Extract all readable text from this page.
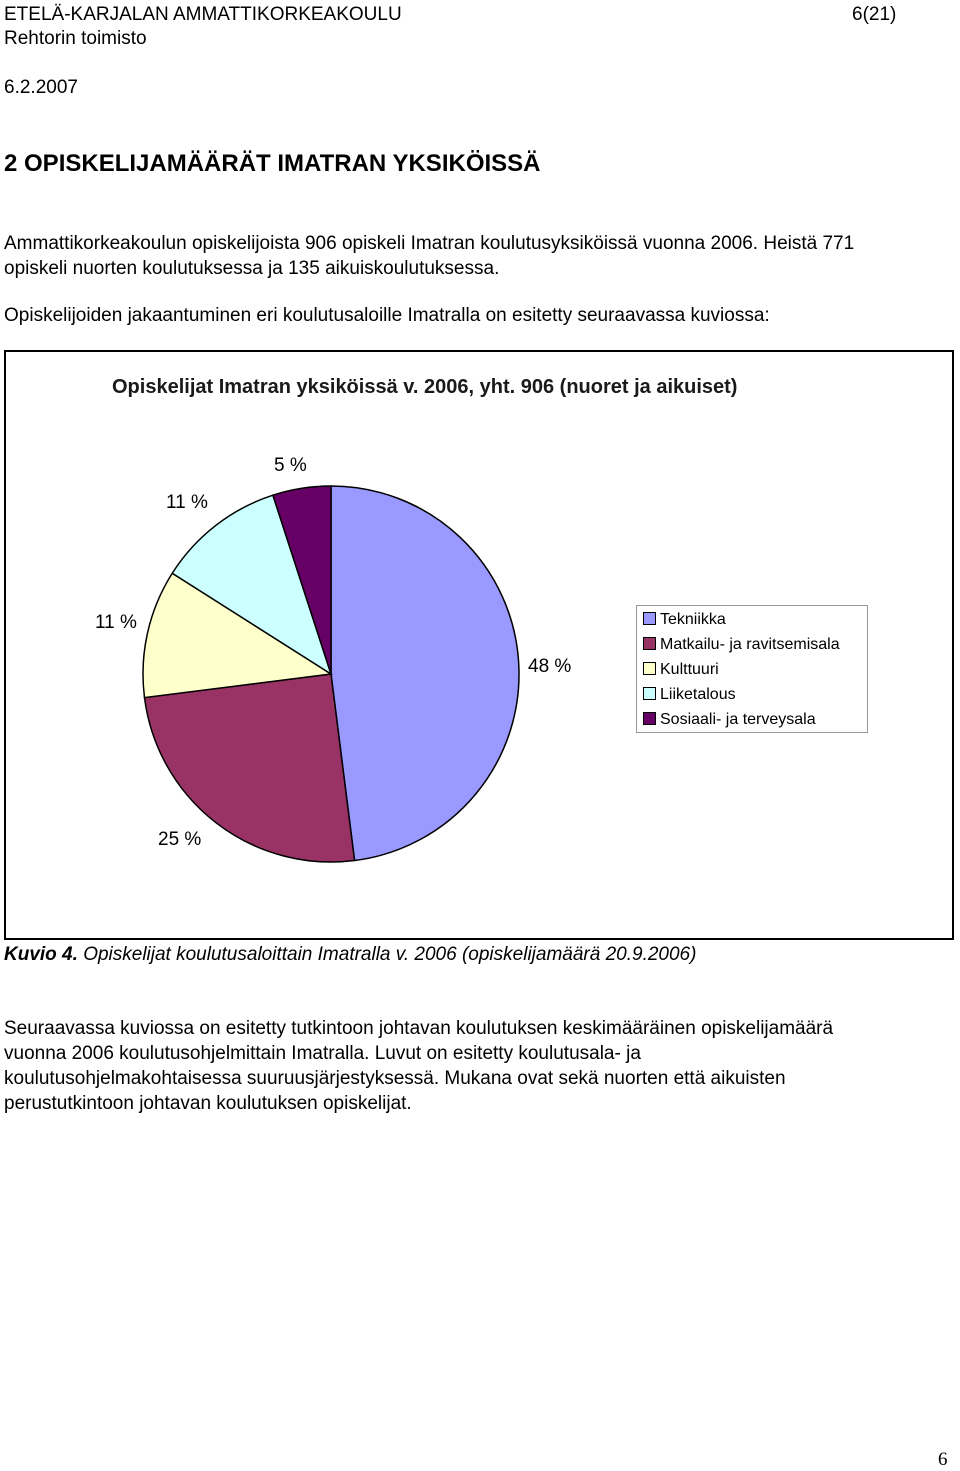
ETELÄ-KARJALAN AMMATTIKORKEAKOULU	6(21)
Rehtorin toimisto
6.2.2007
2 OPISKELIJAMÄÄRÄT IMATRAN YKSIKÖISSÄ
Ammattikorkeakoulun opiskelijoista 906 opiskeli Imatran koulutusyksiköissä vuonna 2006. Heistä 771
opiskeli nuorten koulutuksessa ja 135 aikuiskoulutuksessa.
Opiskelijoiden jakaantuminen eri koulutusaloille Imatralla on esitetty seuraavassa kuviossa:
Opiskelijat Imatran yksiköissä v. 2006, yht. 906 (nuoret ja aikuiset)
48 %
25 %
11 %
11 %
5 %
Tekniikka
Matkailu- ja ravitsemisala
Kulttuuri
Liiketalous
Sosiaali- ja terveysala
Kuvio 4. Opiskelijat koulutusaloittain Imatralla v. 2006 (opiskelijamäärä 20.9.2006)
Seuraavassa kuviossa on esitetty tutkintoon johtavan koulutuksen keskimääräinen opiskelijamäärä
vuonna 2006 koulutusohjelmittain Imatralla. Luvut on esitetty koulutusala- ja
koulutusohjelmakohtaisessa suuruusjärjestyksessä. Mukana ovat sekä nuorten että aikuisten
perustutkintoon johtavan koulutuksen opiskelijat.
6
